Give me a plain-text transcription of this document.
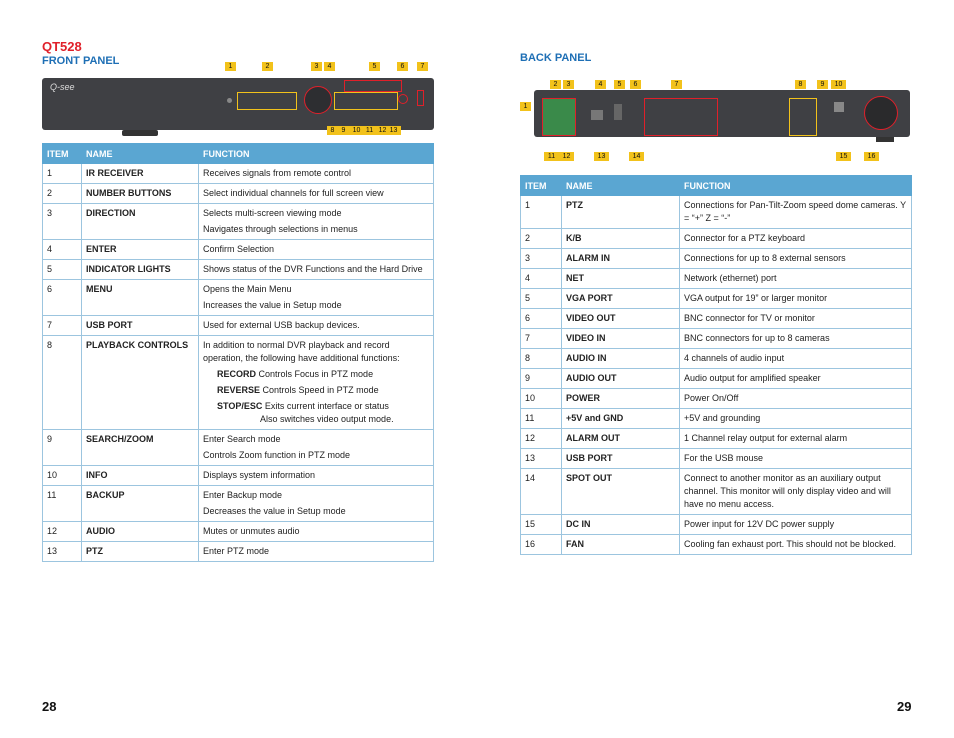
QT528
FRONT PANEL	1	2	3	4	5	6	7
Q-see
8	9	10 11 12 13
ITEM	NAME	FUNCTION
1	IR RECEIVER	Receives signals from remote control

2	NUMBER BUTTONS	Select individual channels for full screen view

3	DIRECTION	Selects multi-screen viewing mode
Navigates through selections in menus

4	ENTER	Confirm Selection

5	INDICATOR LIGHTS	Shows status of the DVR Functions and the Hard Drive

6	MENU	Opens the Main Menu
Increases the value in Setup mode

7	USB PORT	Used for external USB backup devices.

8	PLAYBACK CONTROLS	In addition to normal DVR playback and record operation, the following have additional functions:
RECORD Controls Focus in PTZ mode
REVERSE Controls Speed in PTZ mode
STOP/ESC Exits current interface or status
Also switches video output mode.

9	SEARCH/ZOOM	Enter Search mode
Controls Zoom function in PTZ mode

10	INFO	Displays system information

11	BACKUP	Enter Backup mode
Decreases the value in Setup mode

12	AUDIO	Mutes or unmutes audio

13	PTZ	Enter PTZ mode
28
BACK PANEL
2	3	4	5	6	7	8	9	10
1
11	12	13	14	15	16
ITEM	NAME	FUNCTION
1	PTZ	Connections for Pan-Tilt-Zoom speed dome cameras. Y = “+” Z = “-”

2	K/B	Connector for a PTZ keyboard

3	ALARM IN	Connections for up to 8 external sensors

4	NET	Network (ethernet) port

5	VGA PORT	VGA output for 19” or larger monitor

6	VIDEO OUT	BNC connector for TV or monitor

7	VIDEO IN	BNC connectors for up to 8 cameras

8	AUDIO IN	4 channels of audio input

9	AUDIO OUT	Audio output for amplified speaker

10	POWER	Power On/Off

11	+5V and GND	+5V and grounding

12	ALARM OUT	1 Channel relay output for external alarm

13	USB PORT	For the USB mouse

14	SPOT OUT	Connect to another monitor as an auxiliary output channel. This monitor will only display video and will have no menu access.

15	DC IN	Power input for 12V DC power supply

16	FAN	Cooling fan exhaust port. This should not be blocked.
29
